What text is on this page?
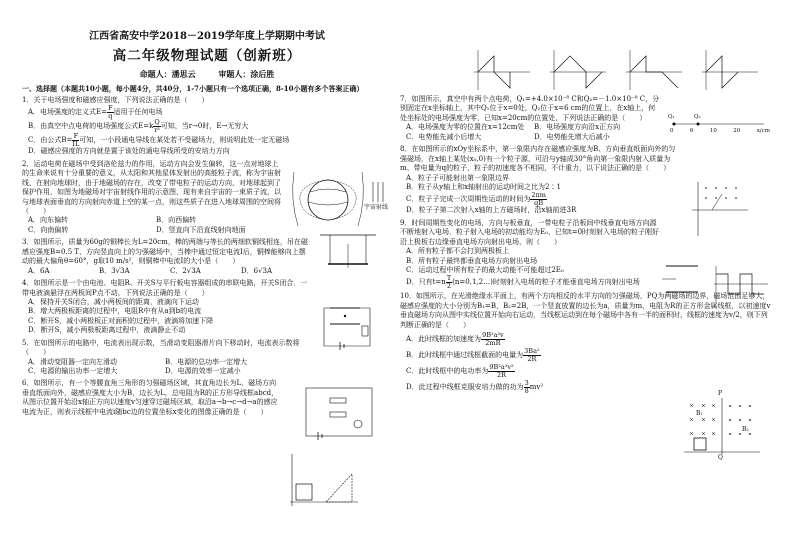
江西省高安中学2018－2019学年度上学期期中考试
高二年级物理试题（创新班）
命题人：潘思云	审题人：涂后胜
一、选择题（本题共10小题，每小题4分，共40分，1-7小题只有一个选项正确，8-10小题有多个答案正确）
1．关于电场强度和磁感应强度，下列说法正确的是（　　）
A．电场强度的定义式$E= \frac{F}{q}$ 适用于任何电场
B．由真空中点电荷的电场强度公式$E=k \frac{Q}{\text{r²}}$ 可知，当r→0时，E→无穷大
C．由公式$B= \frac{F}{IL}$ 可知，一小段通电导线在某处若不受磁场力，则说明此处一定无磁场
D．磁感应强度的方向就是置于该处的通电导线所受的安培力方向
2．运动电荷在磁场中受到洛伦兹力的作用，运动方向会发生偏转，这一点对地球上的生命来说有十分重要的意义，从太阳和其他星体发射出的高能粒子流，称为宇宙射线，在射向地球时，由于地磁场的存在，改变了带电粒子的运动方向，对地球起到了保护作用，如图为地磁场对宇宙射线作用的示意图，现有来自宇宙的一束质子流，以与地球表面垂直的方向射向赤道上空的某一点，则这些质子在进入地球周围的空间将（　　）
A．向东偏转	B．向西偏转
C．向南偏转	D．竖直向下沿直线射向地面
3．如图所示，质量为60g的铜棒长为L=20cm，棒的两端与等长的两细软铜线相连，吊在磁感应强度B=0.5 T、方向竖直向上的匀强磁场中，当棒中通过恒定电流I后，铜棒能够向上摆动的最大偏角θ=60°，g取10 m/s²，则铜棒中电流I的大小是（　　）
A．6A	B．3√3A	C．2√3A	D．6√3A
4．如图所示是一个由电池、电阻R、开关S与平行板电容器组成的串联电路，开关S闭合．一带电液滴悬浮在两板间P点不动，下列说法正确的是（　　）
A．保持开关S闭合，减小两板间的距离，液滴向下运动
B．增大两极板距离的过程中，电阻R中有从a到b的电流
C．断开S，减小两极板正对面积的过程中，液滴将加速下降
D．断开S，减小两极板距离过程中，液滴静止不动
5．在如图所示的电路中，电流表出现示数，当滑动变阻器滑片向下移动时，电流表示数将（　　）
A．滑动变阻器一定向左滑动	B．电源的总功率一定增大
C．电源的输出功率一定增大	D．电源的效率一定减小
6．如图所示，有一个等腰直角三角形的匀强磁场区域，其直角边长为L，磁场方向垂直纸面向外，磁感应强度大小为B，边长为L，总电阻为R的正方形导线框abcd，从图示位置开始沿x轴正方向以速度v匀速穿过磁场区域，取沿a→b→c→d→a的感应电流为正，则表示线框中电流i随bc边的位置坐标x变化的图像正确的是（　　）
宇宙射线
7．如图所示，真空中有两个点电荷，Q₁=+4.0×10⁻⁸ C和Q₂=－1.0×10⁻⁸ C，分别固定在x坐标轴上，其中Q₁位于x=0处，Q₂位于x=6 cm的位置上．在x轴上，何处坐标处的电场强度为零，已知x=20cm的位置处，下列说法正确的是（　　）
A．电场强度为零的位置在x=12cm处	B．电场强度方向沿x正方向
C．电势能先减小后增大	D．电势能先增大后减小
8．在如图所示的xOy坐标系中，第一象限内存在磁感应强度为B、方向垂直纸面向外的匀强磁场，在x轴上某处(x₀,0)有一个粒子源，可沿与y轴成30°角向第一象限内射入质量为m、带电量为q的粒子，粒子的初速度各不相同，不计重力，以下说法正确的是（　　）
A．粒子子可能射出第一象限边界
B．粒子从y轴上和x轴射出的运动时间之比为2∶1
C．粒子子完成一次周期性运动的时间为 $\frac{2\pi m}{qB}$
D．粒子子第二次射入x轴的上方磁场时，沿x轴前进3R
9．时间周期性变化的电场，方向与板垂直，一带电粒子沿板间中线垂直电场方向源不断地射入电场，粒子射入电场的初动能均为E₀，已知t=0时刻射入电场的粒子刚好沿上极板右边缘垂直电场方向射出电场，则（　　）
A．所有粒子都不会打到两极板上
B．所有粒子最终都垂直电场方向射出电场
C．运动过程中所有粒子的最大动能不可能超过2E₀
D．只有$t=n \frac{T}{2}$ (n=0,1,2…)时刻射入电场的粒子才能垂直电场方向射出电场
10．如图所示，在光滑绝缘水平面上，有两个方向相反的水平方向的匀强磁场，PQ为两磁场的边界，磁场范围足够大，磁感应强度的大小分别为B₁=B，B₂=2B，一个竖直放置的边长为a，质量为m，电阻为R的正方形金属线框，以初速度v垂直磁场方向从图中实线位置开始向右运动，当线框运动到在每个磁场中各有一半的面积时，线框的速度为v/2，则下列判断正确的是（　　）
A．此时线框的加速度为 $\frac{\text{9B²a²v}}{2mR}$
B．此时线框中通过线框截面的电量为 $\frac{\text{3Ba²}}{2R}$
C．此时线框中的电功率为 $\frac{\text{9B²a²v²}}{2R}$
D．此过程中线框克服安培力做的功为 $\frac{3}{8} mv^2$
0	6	10	20	x/cm
Q₁	Q₂
P
Q
B₁
B₂
